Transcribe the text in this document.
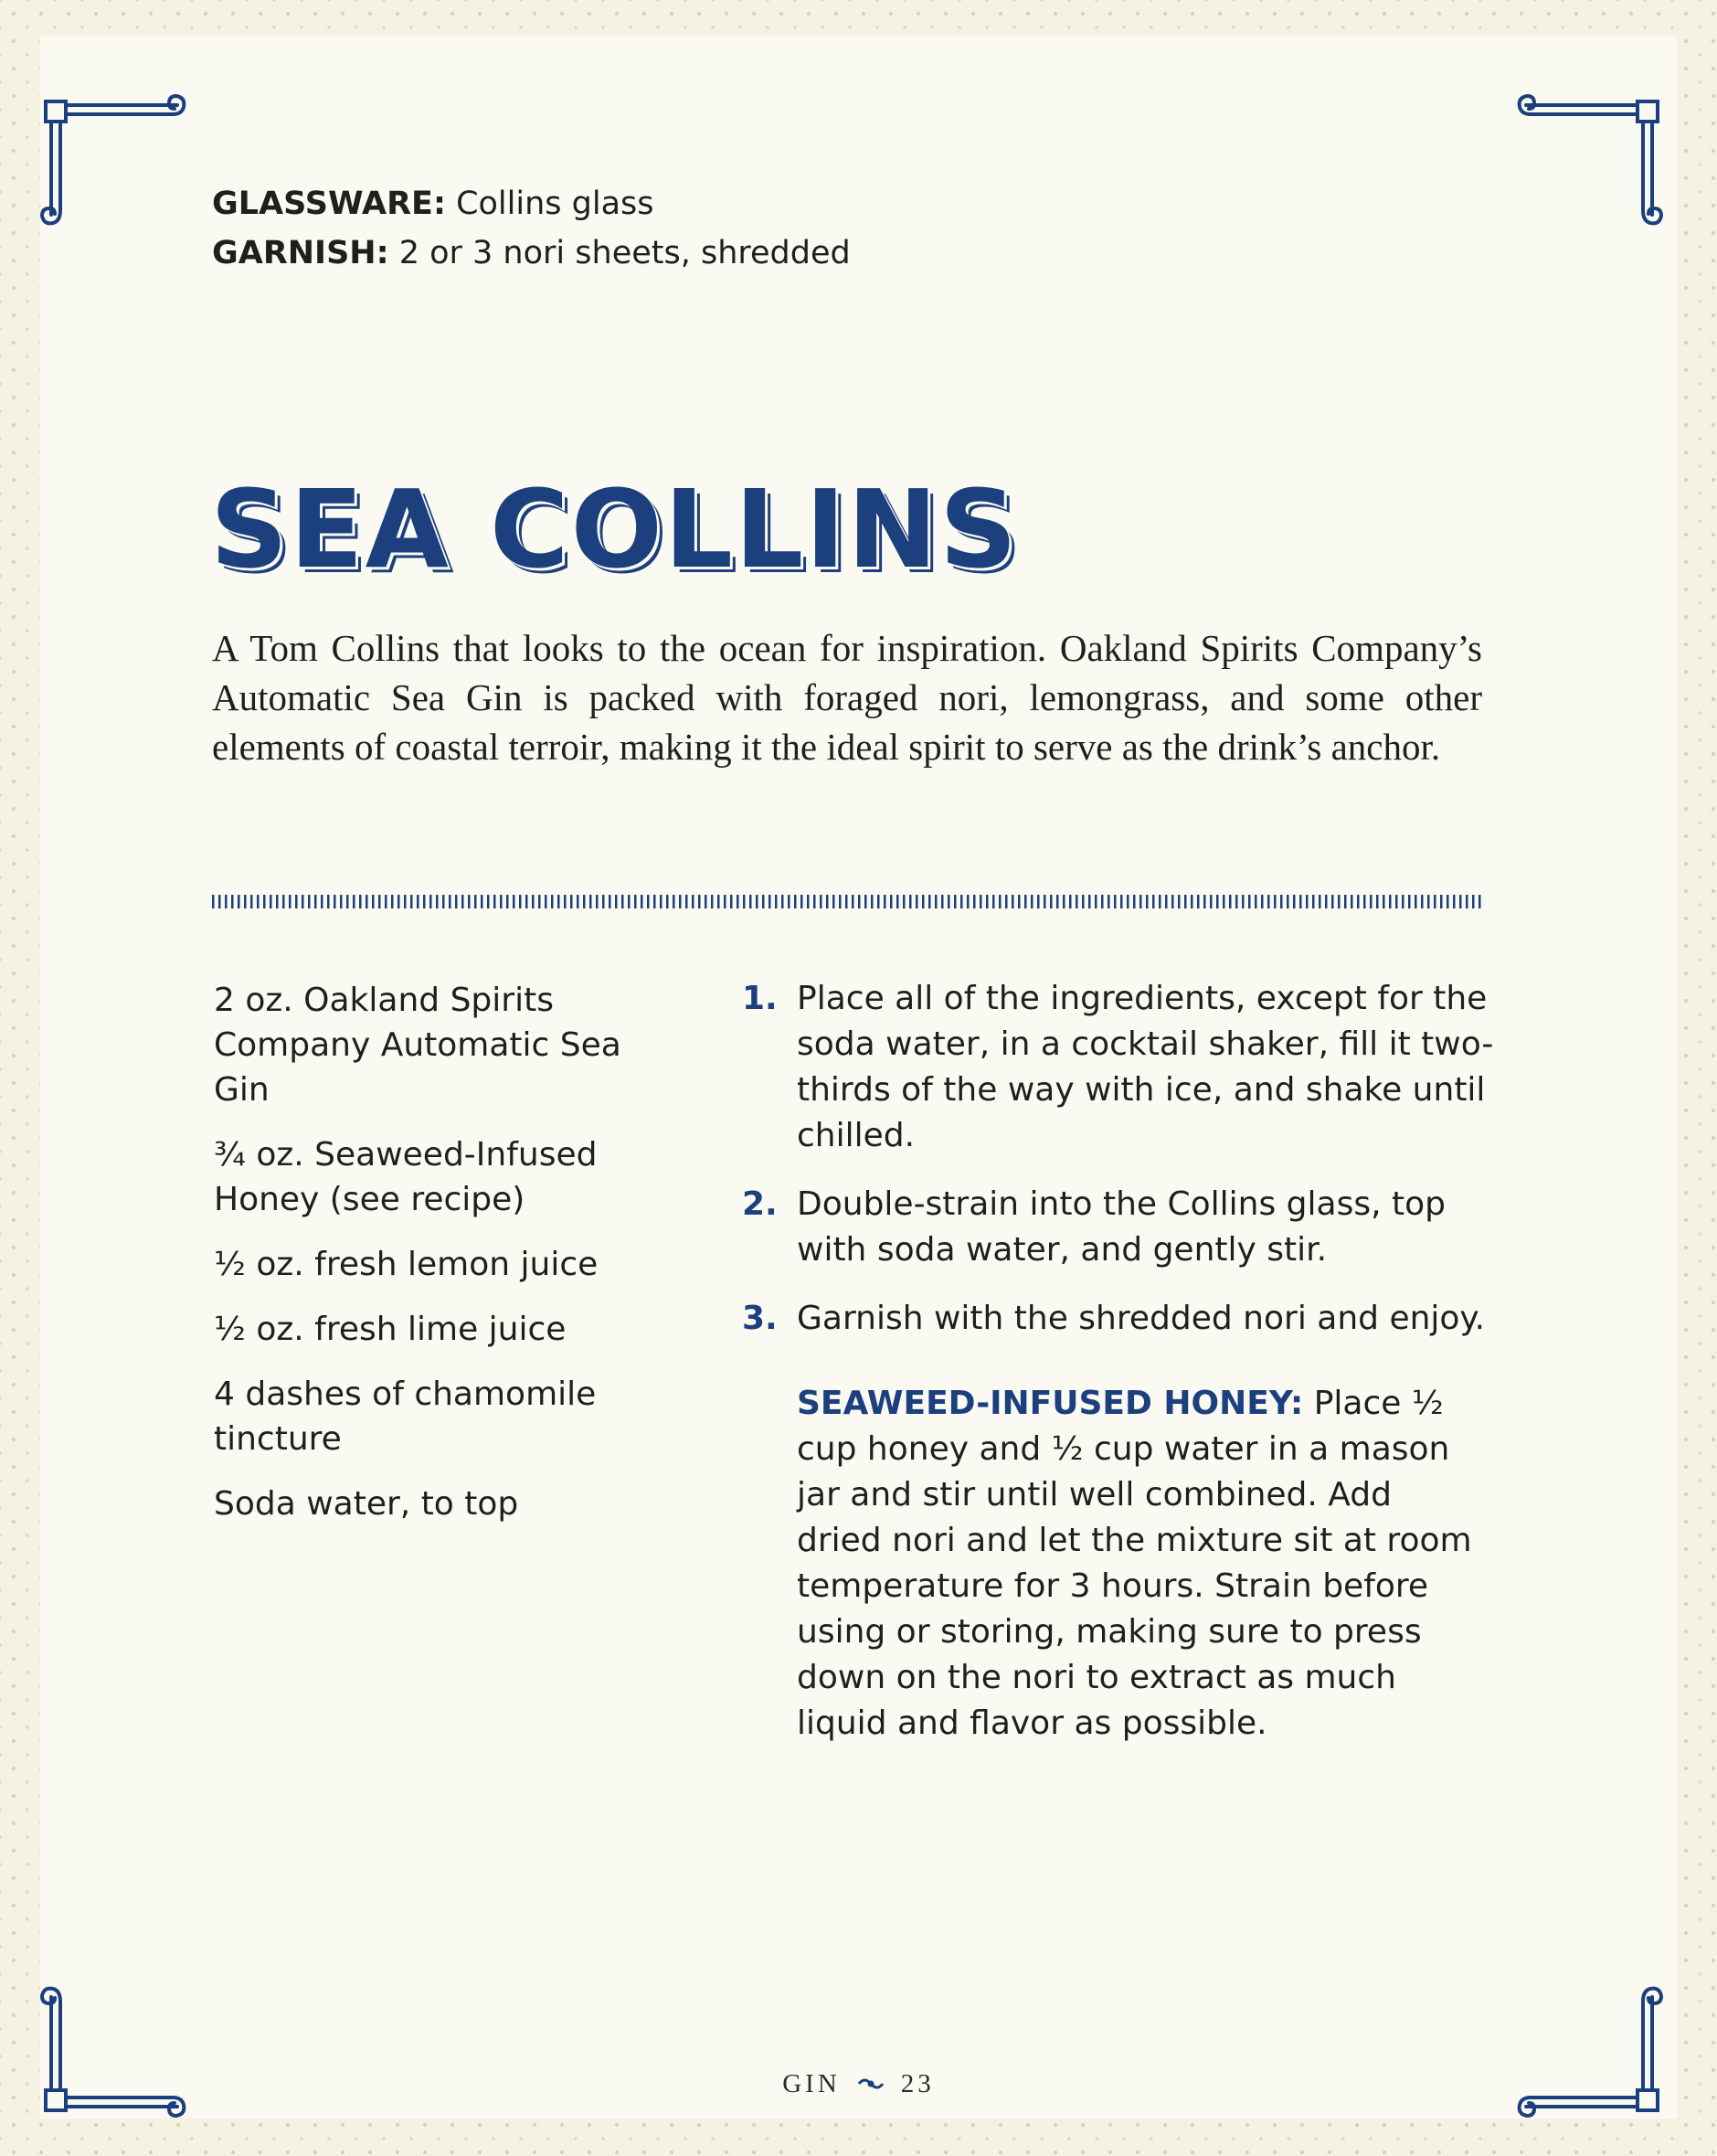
GLASSWARE: Collins glass
GARNISH: 2 or 3 nori sheets, shredded
SEA COLLINS

A Tom Collins that looks to the ocean for inspiration. Oakland Spirits Company’s Automatic Sea Gin is packed with foraged nori, lemongrass, and some other elements of coastal terroir, making it the ideal spirit to serve as the drink’s anchor.

2 oz. Oakland Spirits Company Automatic Sea Gin
¾ oz. Seaweed-Infused Honey (see recipe)
½ oz. fresh lemon juice
½ oz. fresh lime juice
4 dashes of chamomile tincture
Soda water, to top
1. Place all of the ingredients, except for the soda water, in a cocktail shaker, fill it two-thirds of the way with ice, and shake until chilled.
2. Double-strain into the Collins glass, top with soda water, and gently stir.
3. Garnish with the shredded nori and enjoy.

SEAWEED-INFUSED HONEY: Place ½ cup honey and ½ cup water in a mason jar and stir until well combined. Add dried nori and let the mixture sit at room temperature for 3 hours. Strain before using or storing, making sure to press down on the nori to extract as much liquid and flavor as possible.

GIN 23
